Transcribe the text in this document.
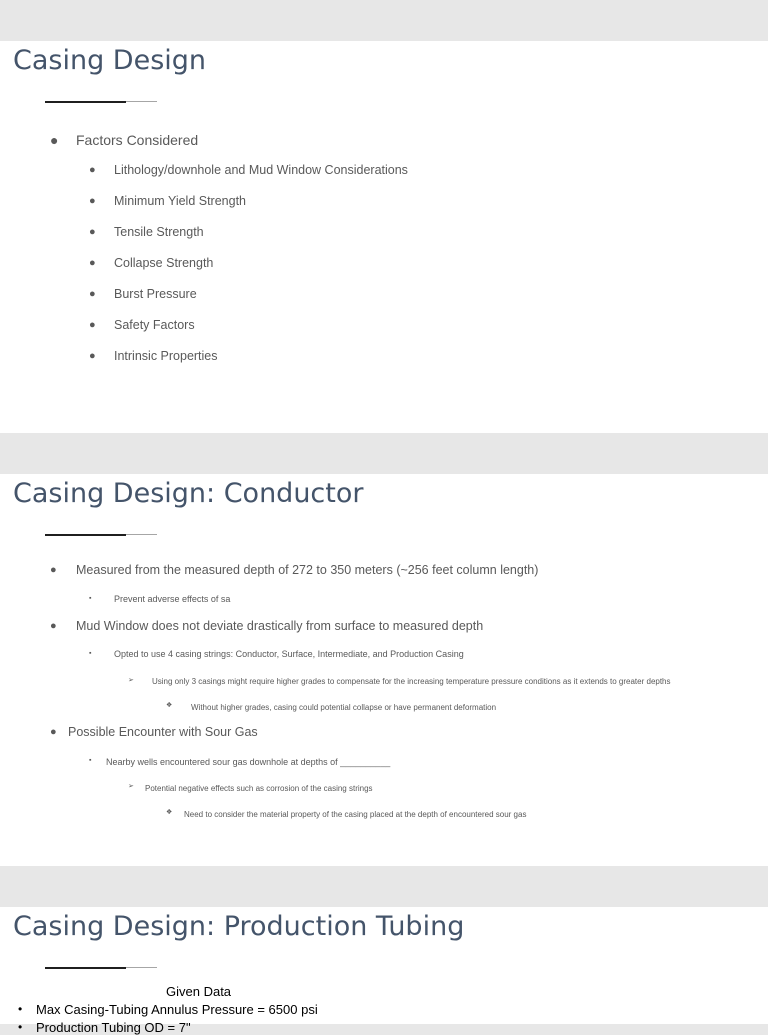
Casing Design
● Factors Considered
● Lithology/downhole and Mud Window Considerations
● Minimum Yield Strength
● Tensile Strength
● Collapse Strength
● Burst Pressure
● Safety Factors
● Intrinsic Properties
Casing Design: Conductor
● Measured from the measured depth of 272 to 350 meters (~256 feet column length)
▪	Prevent adverse effects of sa
● Mud Window does not deviate drastically from surface to measured depth
▪	Opted to use 4 casing strings: Conductor, Surface, Intermediate, and Production Casing
➢ Using only 3 casings might require higher grades to compensate for the increasing temperature pressure conditions as it extends to greater depths
❖ Without higher grades, casing could potential collapse or have permanent deformation
● Possible Encounter with Sour Gas
▪ Nearby wells encountered sour gas downhole at depths of __________
➢ Potential negative effects such as corrosion of the casing strings
❖ Need to consider the material property of the casing placed at the depth of encountered sour gas
Casing Design: Production Tubing
Given Data
• Max Casing-Tubing Annulus Pressure = 6500 psi
• Production Tubing OD = 7"
